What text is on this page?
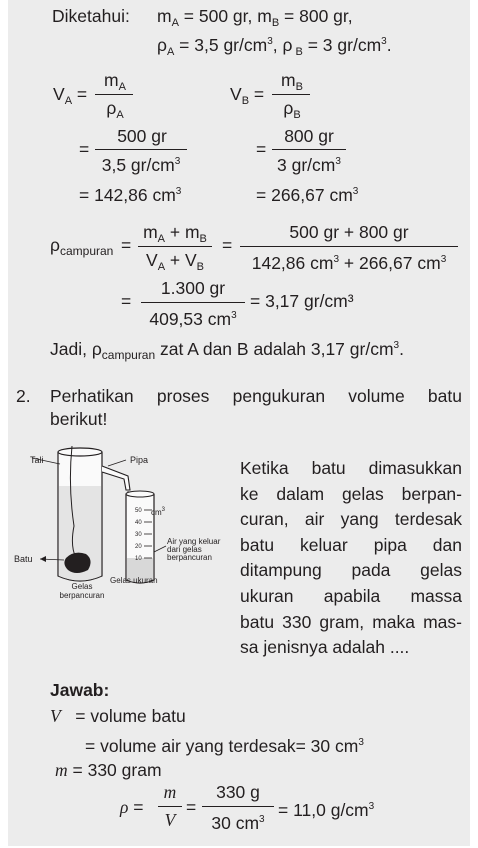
Diketahui: $m_A = 500$ gr, $m_B = 800$ gr,
$\rho_A = 3,5$ $gr/cm^3$, ρ $_B$ = 3 $gr/cm^3$.
$V_A$ =
$m_A$
$\rho_A$
500 gr
=
3,5 $gr/cm^3$
= 142,86 $cm^3$
$V_B$ =
$m_B$
$\rho_B$
800 gr
=
3 $gr/cm^3$
= 266,67 $cm^3$
$\rho_{campuran}$ =
$m_A + m_B$
$V_A + V_B$
=
500 gr + 800 gr
142,86 $cm^3 + 266,67$ $cm^3$
=
1.300 gr
409,53 $cm^3$
= 3,17 gr/cm³
Jadi, $\rho_{campuran}$ zat A dan B adalah 3,17 $gr/cm^3$.
2. Perhatikan proses pengukuran volume batu
berikut!
Tali	Pipa
Batu
$cm^3$
50
40
30
20
10
Air yang keluar dari gelas berpancuran
Gelas berpancuran
Gelas ukuran
Ketika batu dimasukkan
ke dalam gelas berpan-
curan, air yang terdesak
batu keluar pipa dan
ditampung pada gelas
ukuran apabila massa
batu 330 gram, maka mas-
sa jenisnya adalah ....
Jawab:
V   = volume batu
= volume air yang terdesak= 30 $cm^3$
m = 330 gram
ρ =
m
V
=
330 g
30 $cm^3 = 11,0$ $g/cm^3$
